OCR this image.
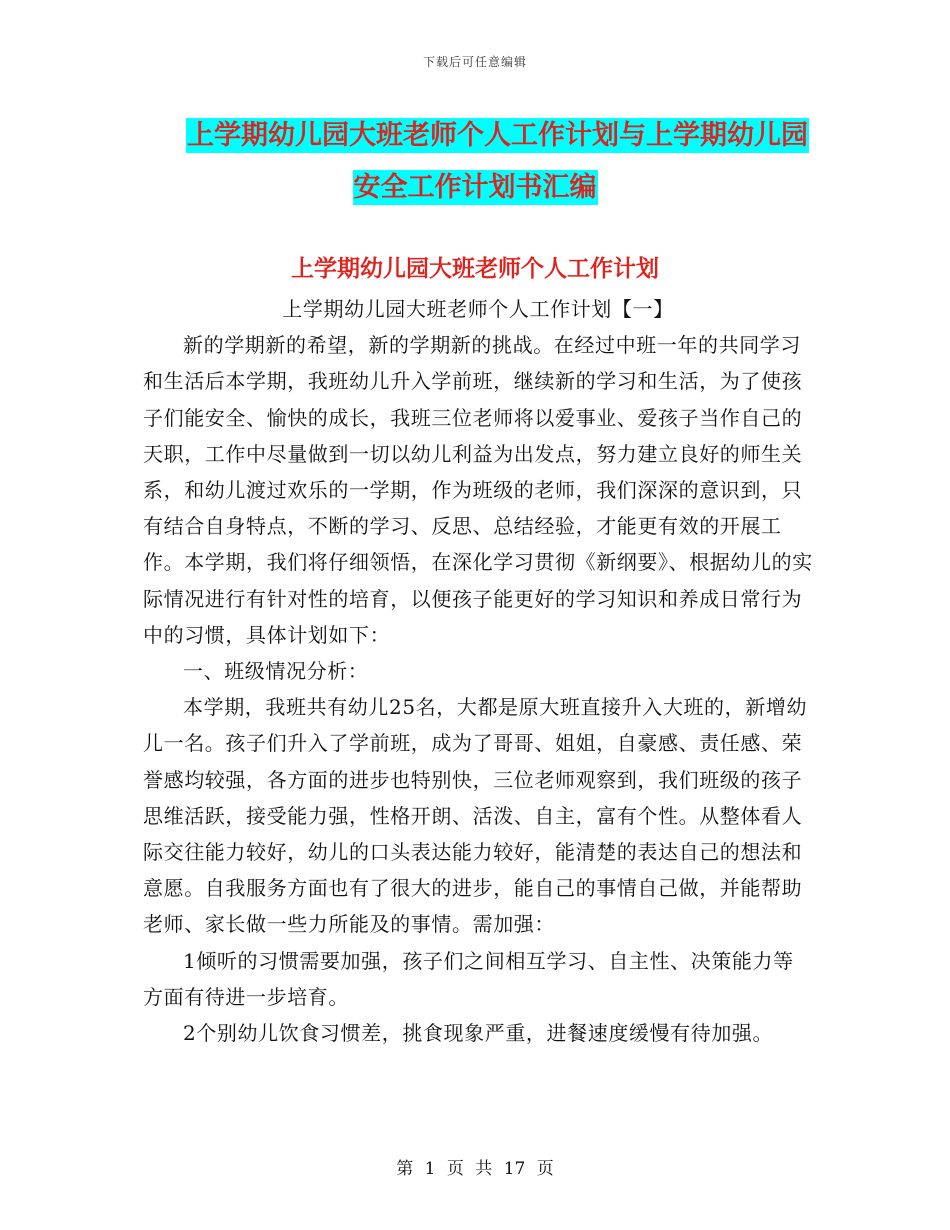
下载后可任意编辑
上学期幼儿园大班老师个人工作计划与上学期幼儿园
安全工作计划书汇编
上学期幼儿园大班老师个人工作计划

上学期幼儿园大班老师个人工作计划【一】

新的学期新的希望，新的学期新的挑战。在经过中班一年的共同学习和生活后本学期，我班幼儿升入学前班，继续新的学习和生活，为了使孩子们能安全、愉快的成长，我班三位老师将以爱事业、爱孩子当作自己的天职，工作中尽量做到一切以幼儿利益为出发点，努力建立良好的师生关系，和幼儿渡过欢乐的一学期，作为班级的老师，我们深深的意识到，只有结合自身特点，不断的学习、反思、总结经验，才能更有效的开展工作。本学期，我们将仔细领悟，在深化学习贯彻《新纲要》、根据幼儿的实际情况进行有针对性的培育，以便孩子能更好的学习知识和养成日常行为中的习惯，具体计划如下：

一、班级情况分析：

本学期，我班共有幼儿25名，大都是原大班直接升入大班的，新增幼儿一名。孩子们升入了学前班，成为了哥哥、姐姐，自豪感、责任感、荣誉感均较强，各方面的进步也特别快，三位老师观察到，我们班级的孩子思维活跃，接受能力强，性格开朗、活泼、自主，富有个性。从整体看人际交往能力较好，幼儿的口头表达能力较好，能清楚的表达自己的想法和意愿。自我服务方面也有了很大的进步，能自己的事情自己做，并能帮助老师、家长做一些力所能及的事情。需加强：

1倾听的习惯需要加强，孩子们之间相互学习、自主性、决策能力等方面有待进一步培育。

2个别幼儿饮食习惯差，挑食现象严重，进餐速度缓慢有待加强。

第 1 页 共 17 页
